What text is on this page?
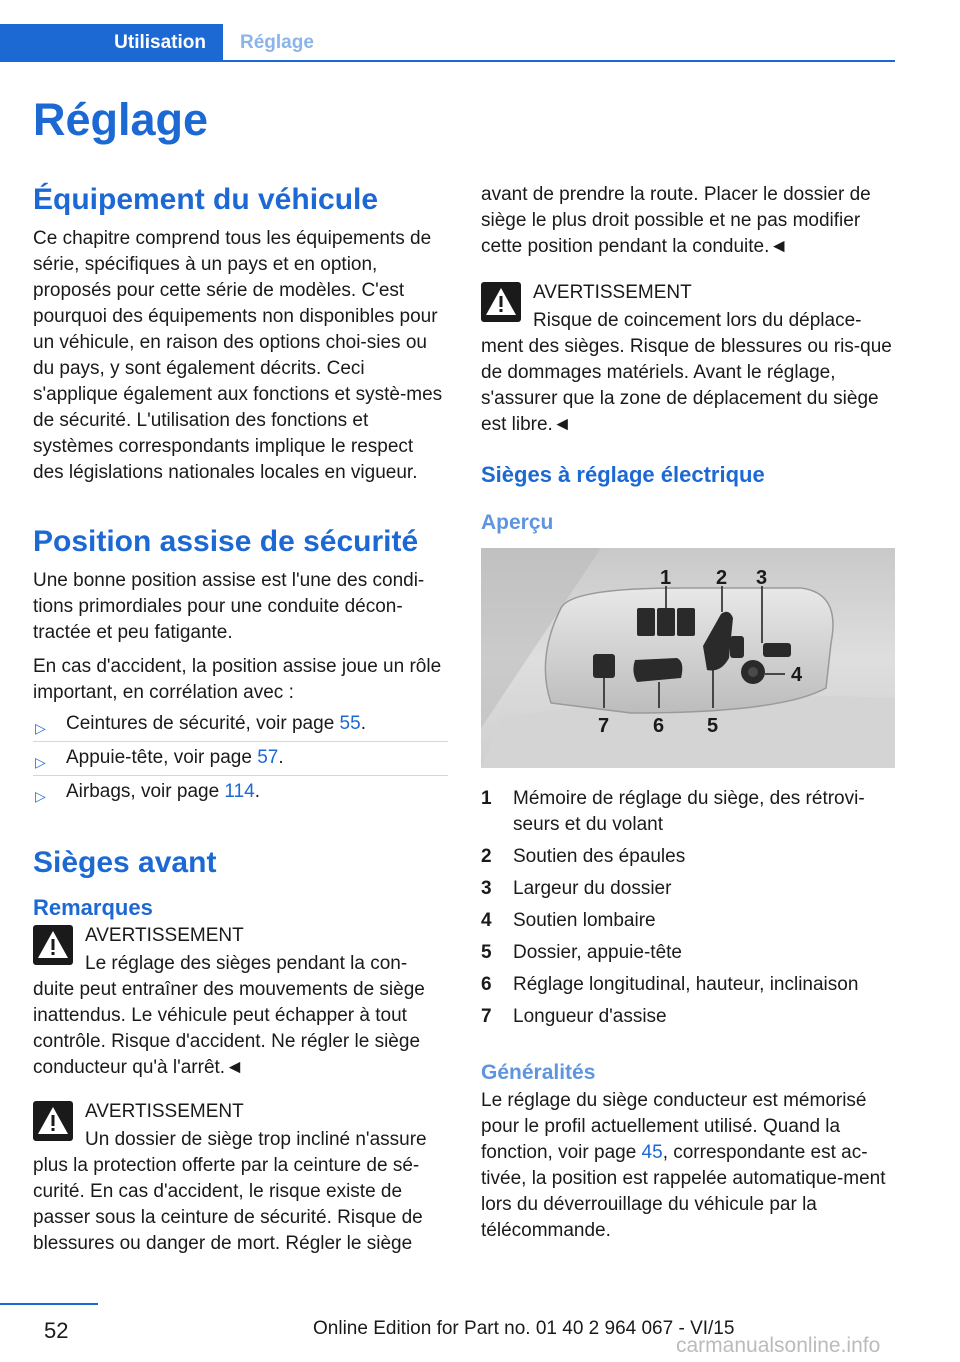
Utilisation	Réglage
Réglage
Équipement du véhicule

Ce chapitre comprend tous les équipements de série, spécifiques à un pays et en option, proposés pour cette série de modèles. C'est pourquoi des équipements non disponibles pour un véhicule, en raison des options choi-sies ou du pays, y sont également décrits. Ceci s'applique également aux fonctions et systè-mes de sécurité. L'utilisation des fonctions et systèmes correspondants implique le respect des législations nationales locales en vigueur.

Position assise de sécurité

Une bonne position assise est l'une des condi-tions primordiales pour une conduite décon-tractée et peu fatigante.

En cas d'accident, la position assise joue un rôle important, en corrélation avec :

▷ Ceintures de sécurité, voir page 55.
▷ Appuie-tête, voir page 57.
▷ Airbags, voir page 114.
Sièges avant
Remarques
AVERTISSEMENT

Le réglage des sièges pendant la con-
duite peut entraîner des mouvements de siège inattendus. Le véhicule peut échapper à tout contrôle. Risque d'accident. Ne régler le siège conducteur qu'à l'arrêt.◄

AVERTISSEMENT

Un dossier de siège trop incliné n'assure
plus la protection offerte par la ceinture de sé-curité. En cas d'accident, le risque existe de passer sous la ceinture de sécurité. Risque de blessures ou danger de mort. Régler le siège

avant de prendre la route. Placer le dossier de siège le plus droit possible et ne pas modifier cette position pendant la conduite.◄

AVERTISSEMENT

Risque de coincement lors du déplace-
ment des sièges. Risque de blessures ou ris-que de dommages matériels. Avant le réglage, s'assurer que la zone de déplacement du siège est libre.◄

Sièges à réglage électrique
Aperçu
1 2 3
4
5
6
7
1	Mémoire de réglage du siège, des rétrovi-seurs et du volant
2	Soutien des épaules
3	Largeur du dossier
4	Soutien lombaire
5	Dossier, appuie-tête
6	Réglage longitudinal, hauteur, inclinaison
7	Longueur d'assise
Généralités

Le réglage du siège conducteur est mémorisé pour le profil actuellement utilisé. Quand la fonction, voir page 45, correspondante est ac-tivée, la position est rappelée automatique-ment lors du déverrouillage du véhicule par la télécommande.

52	Online Edition for Part no. 01 40 2 964 067 - VI/15
carmanualsonline.info
